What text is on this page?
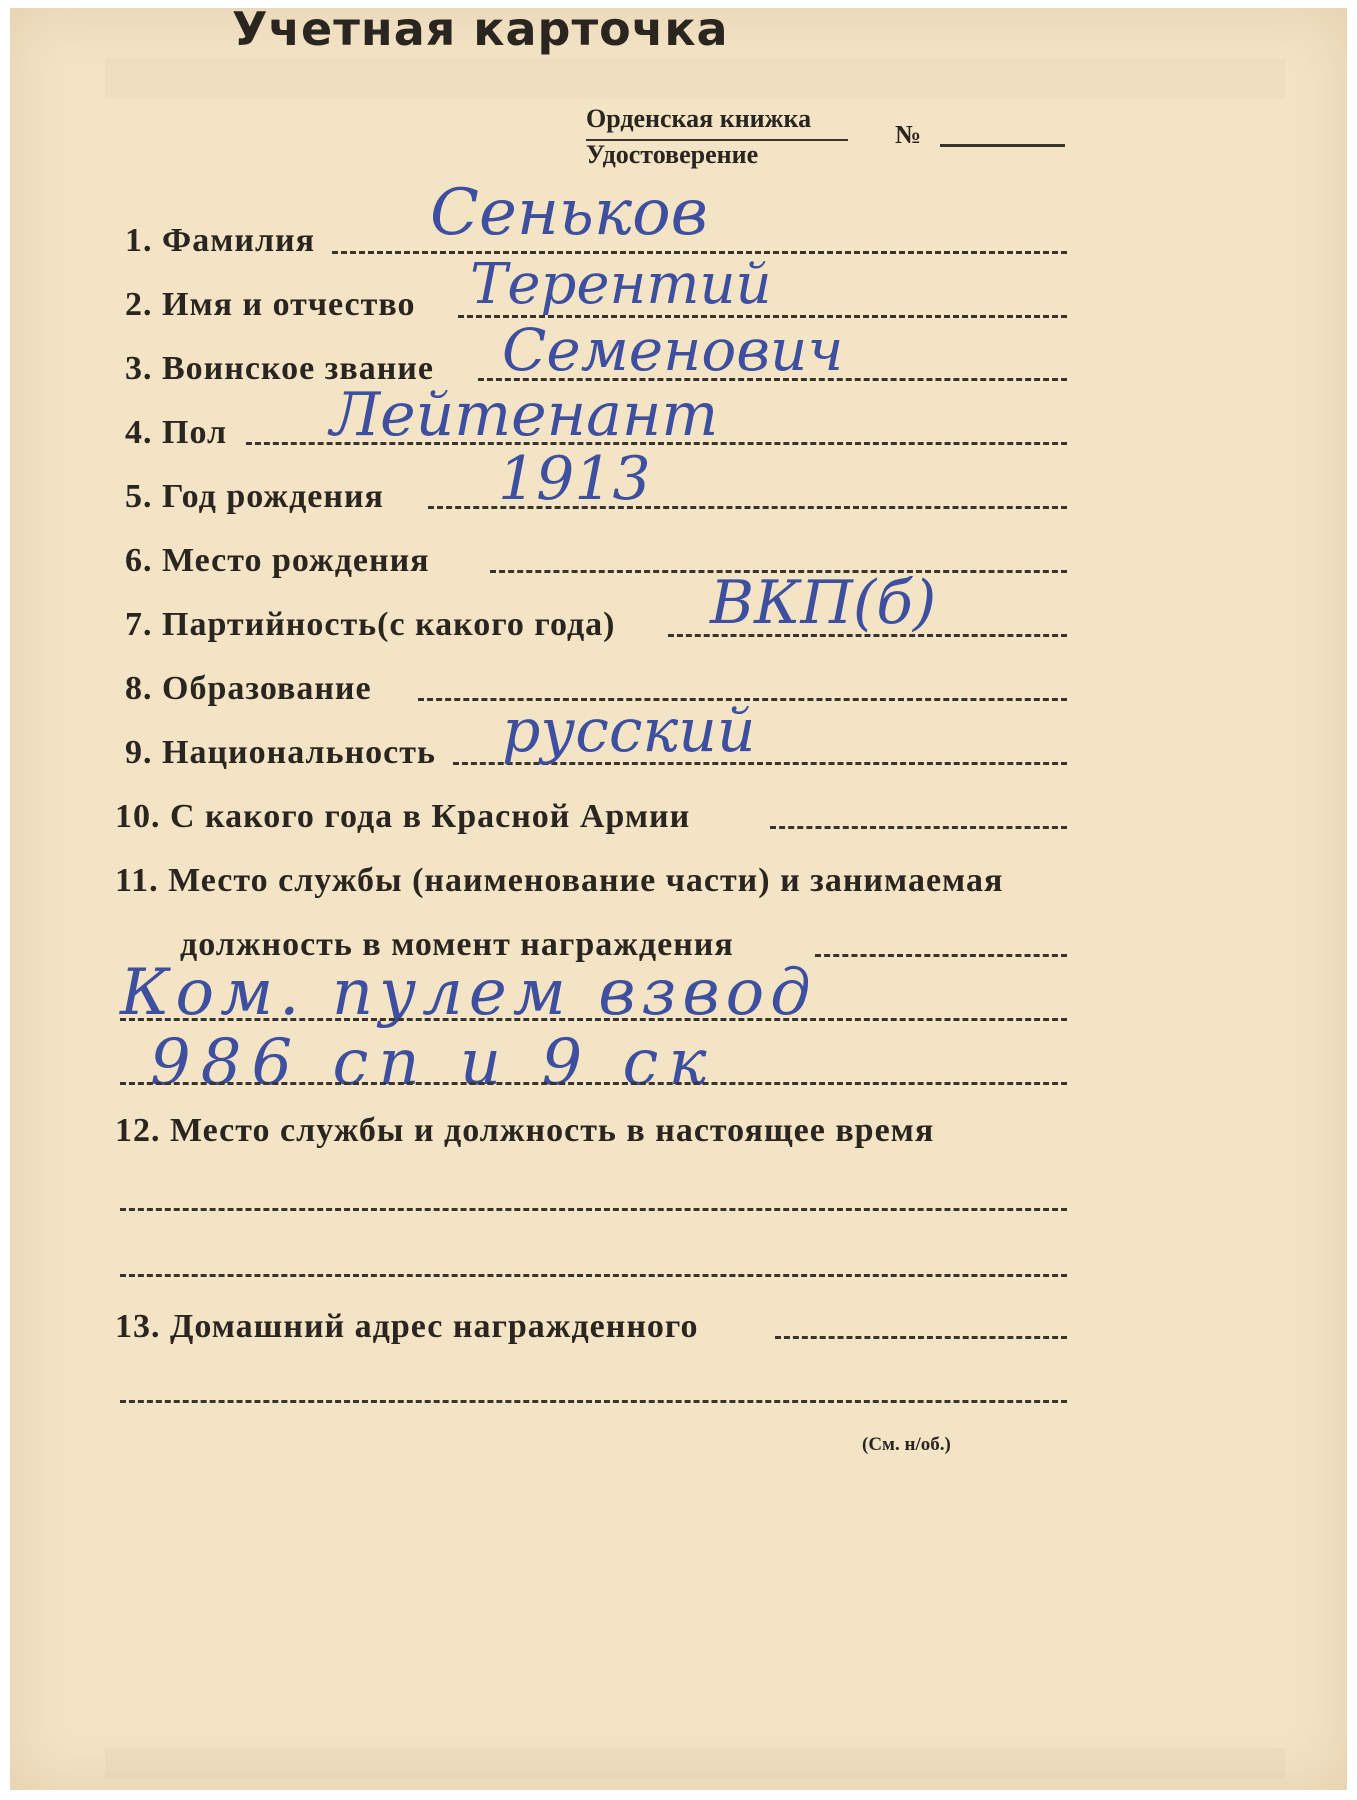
Учетная карточка
Орденская книжка
Удостоверение
№
1. Фамилия Сеньков
2. Имя и отчество Терентий
3. Воинское звание Семенович
4. Пол Лейтенант
5. Год рождения 1913
6. Место рождения
7. Партийность(с какого года) ВКП(б)
8. Образование
9. Национальность русский
10. С какого года в Красной Армии
11. Место службы (наименование части) и занимаемая
должность в момент награждения
Ком. пулем взвод
986 сп и 9 ск
12. Место службы и должность в настоящее время
13. Домашний адрес награжденного
(См. н/об.)
